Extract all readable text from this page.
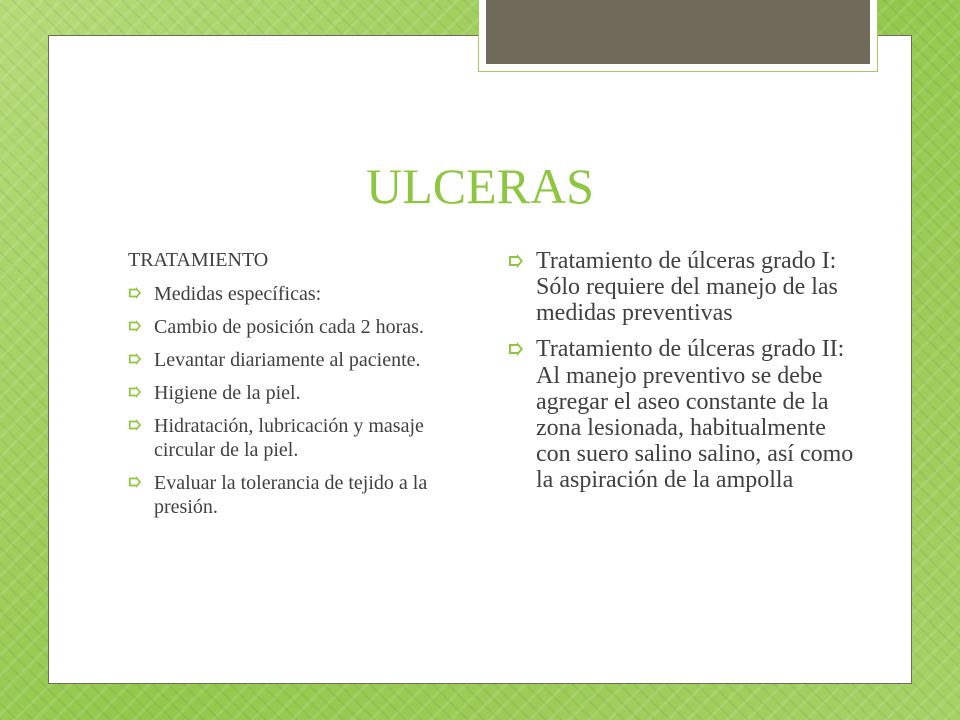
ULCERAS
TRATAMIENTO
Medidas específicas:
Cambio de posición cada 2 horas.
Levantar diariamente al paciente.
Higiene de la piel.
Hidratación, lubricación y masaje circular de la piel.
Evaluar la tolerancia de tejido a la presión.
Tratamiento de úlceras grado I: Sólo requiere del manejo de las medidas preventivas
Tratamiento de úlceras grado II: Al manejo preventivo se debe agregar el aseo constante de la zona lesionada, habitualmente con suero salino salino, así como la aspiración de la ampolla
